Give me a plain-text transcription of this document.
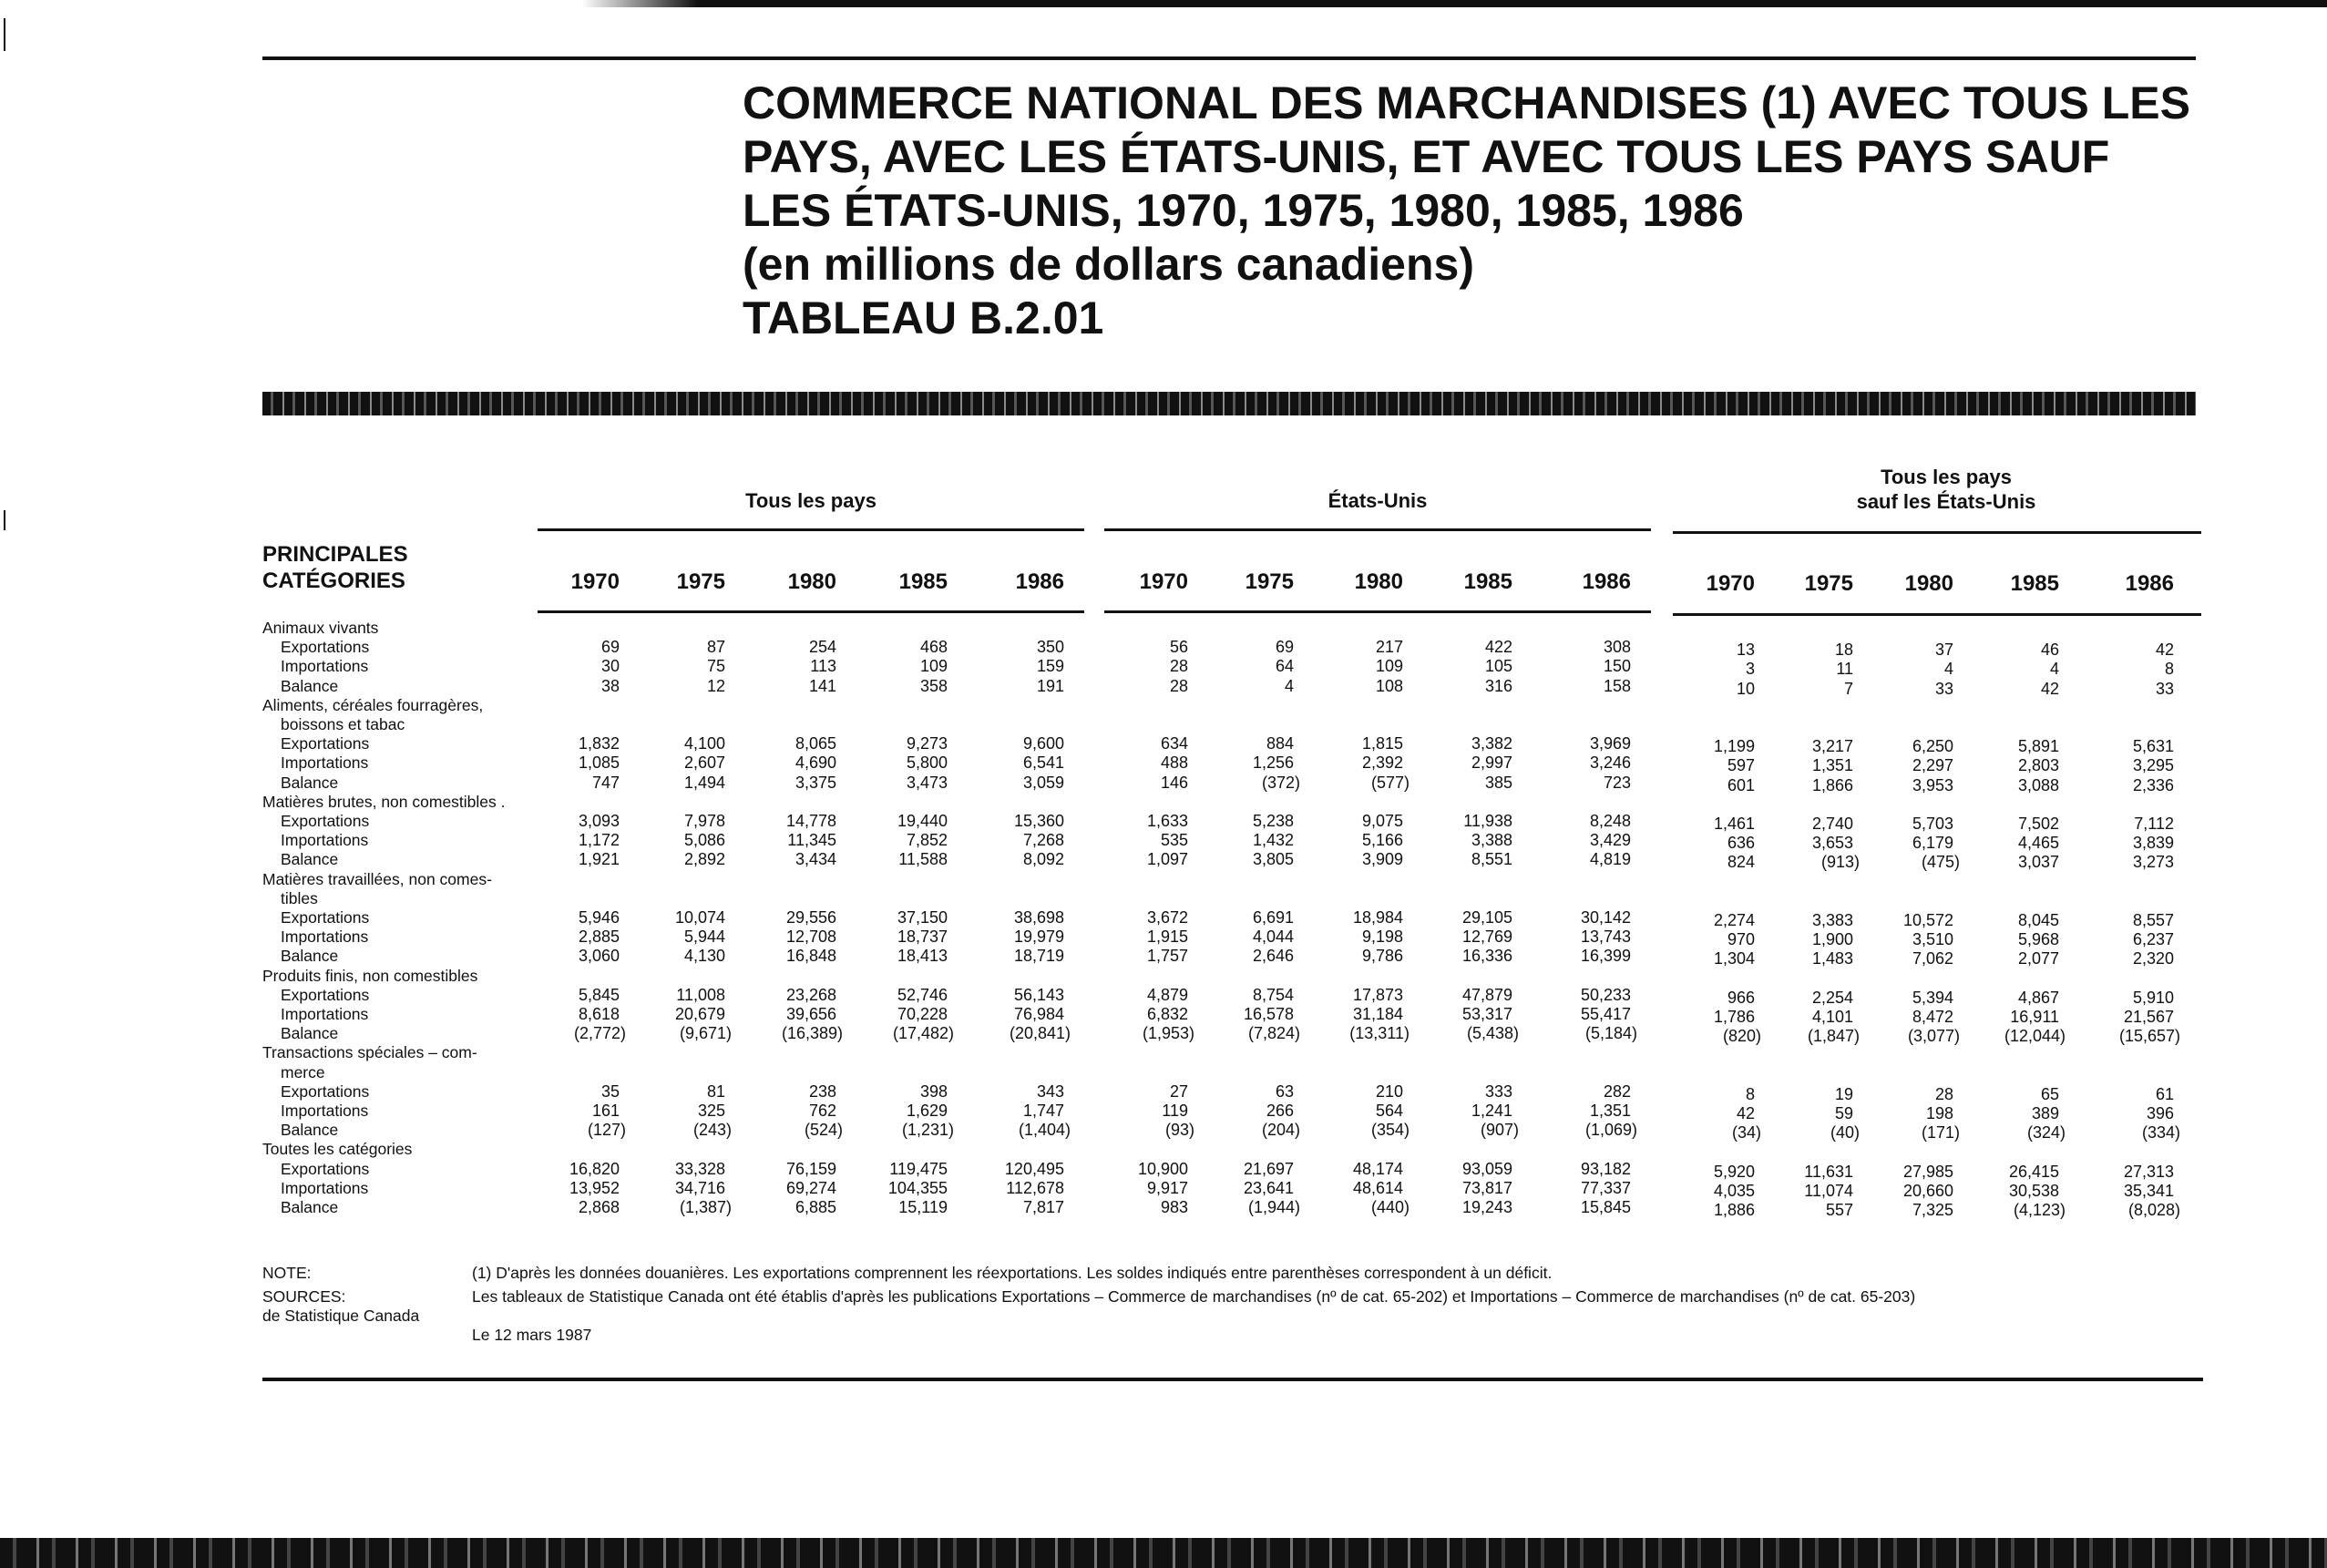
COMMERCE NATIONAL DES MARCHANDISES (1) AVEC TOUS LES
PAYS, AVEC LES ÉTATS-UNIS, ET AVEC TOUS LES PAYS SAUF
LES ÉTATS-UNIS, 1970, 1975, 1980, 1985, 1986
(en millions de dollars canadiens)
TABLEAU B.2.01
Tous les pays	États-Unis
Tous les pays
sauf les États-Unis
PRINCIPALES
CATÉGORIES	1970	1975	1980	1985	1986	1970	1975	1980	1985	1986	1970	1975	1980	1985	1986
Animaux vivants
Exportations	69	87	254	468	350	56	69	217	422	308	13	18	37	46	42
Importations	30	75	113	109	159	28	64	109	105	150	3	11	4	4	8
Balance	38	12	141	358	191	28	4	108	316	158	10	7	33	42	33
Aliments, céréales fourragères,
boissons et tabac
Exportations	1,832	4,100	8,065	9,273	9,600	634	884	1,815	3,382	3,969	1,199	3,217	6,250	5,891	5,631
Importations	1,085	2,607	4,690	5,800	6,541	488	1,256	2,392	2,997	3,246	597	1,351	2,297	2,803	3,295
Balance	747	1,494	3,375	3,473	3,059	146	(372)	(577)	385	723	601	1,866	3,953	3,088	2,336
Matières brutes, non comestibles .
Exportations	3,093	7,978	14,778	19,440	15,360	1,633	5,238	9,075	11,938	8,248	1,461	2,740	5,703	7,502	7,112
Importations	1,172	5,086	11,345	7,852	7,268	535	1,432	5,166	3,388	3,429	636	3,653	6,179	4,465	3,839
Balance	1,921	2,892	3,434	11,588	8,092	1,097	3,805	3,909	8,551	4,819	824	(913)	(475)	3,037	3,273
Matières travaillées, non comes-
tibles
Exportations	5,946	10,074	29,556	37,150	38,698	3,672	6,691	18,984	29,105	30,142	2,274	3,383	10,572	8,045	8,557
Importations	2,885	5,944	12,708	18,737	19,979	1,915	4,044	9,198	12,769	13,743	970	1,900	3,510	5,968	6,237
Balance	3,060	4,130	16,848	18,413	18,719	1,757	2,646	9,786	16,336	16,399	1,304	1,483	7,062	2,077	2,320
Produits finis, non comestibles
Exportations	5,845	11,008	23,268	52,746	56,143	4,879	8,754	17,873	47,879	50,233	966	2,254	5,394	4,867	5,910
Importations	8,618	20,679	39,656	70,228	76,984	6,832	16,578	31,184	53,317	55,417	1,786	4,101	8,472	16,911	21,567
Balance	(2,772)	(9,671)	(16,389)	(17,482)	(20,841)	(1,953)	(7,824)	(13,311)	(5,438)	(5,184)	(820)	(1,847)	(3,077)	(12,044)	(15,657)
Transactions spéciales – com-
merce
Exportations	35	81	238	398	343	27	63	210	333	282	8	19	28	65	61
Importations	161	325	762	1,629	1,747	119	266	564	1,241	1,351	42	59	198	389	396
Balance	(127)	(243)	(524)	(1,231)	(1,404)	(93)	(204)	(354)	(907)	(1,069)	(34)	(40)	(171)	(324)	(334)
Toutes les catégories
Exportations	16,820	33,328	76,159	119,475	120,495	10,900	21,697	48,174	93,059	93,182	5,920	11,631	27,985	26,415	27,313
Importations	13,952	34,716	69,274	104,355	112,678	9,917	23,641	48,614	73,817	77,337	4,035	11,074	20,660	30,538	35,341
Balance	2,868	(1,387)	6,885	15,119	7,817	983	(1,944)	(440)	19,243	15,845	1,886	557	7,325	(4,123)	(8,028)
NOTE:	(1) D'après les données douanières. Les exportations comprennent les réexportations. Les soldes indiqués entre parenthèses correspondent à un déficit.
SOURCES:	Les tableaux de Statistique Canada ont été établis d'après les publications Exportations – Commerce de marchandises (nº de cat. 65-202) et Importations – Commerce de marchandises (nº de cat. 65-203)
de Statistique Canada
Le 12 mars 1987
